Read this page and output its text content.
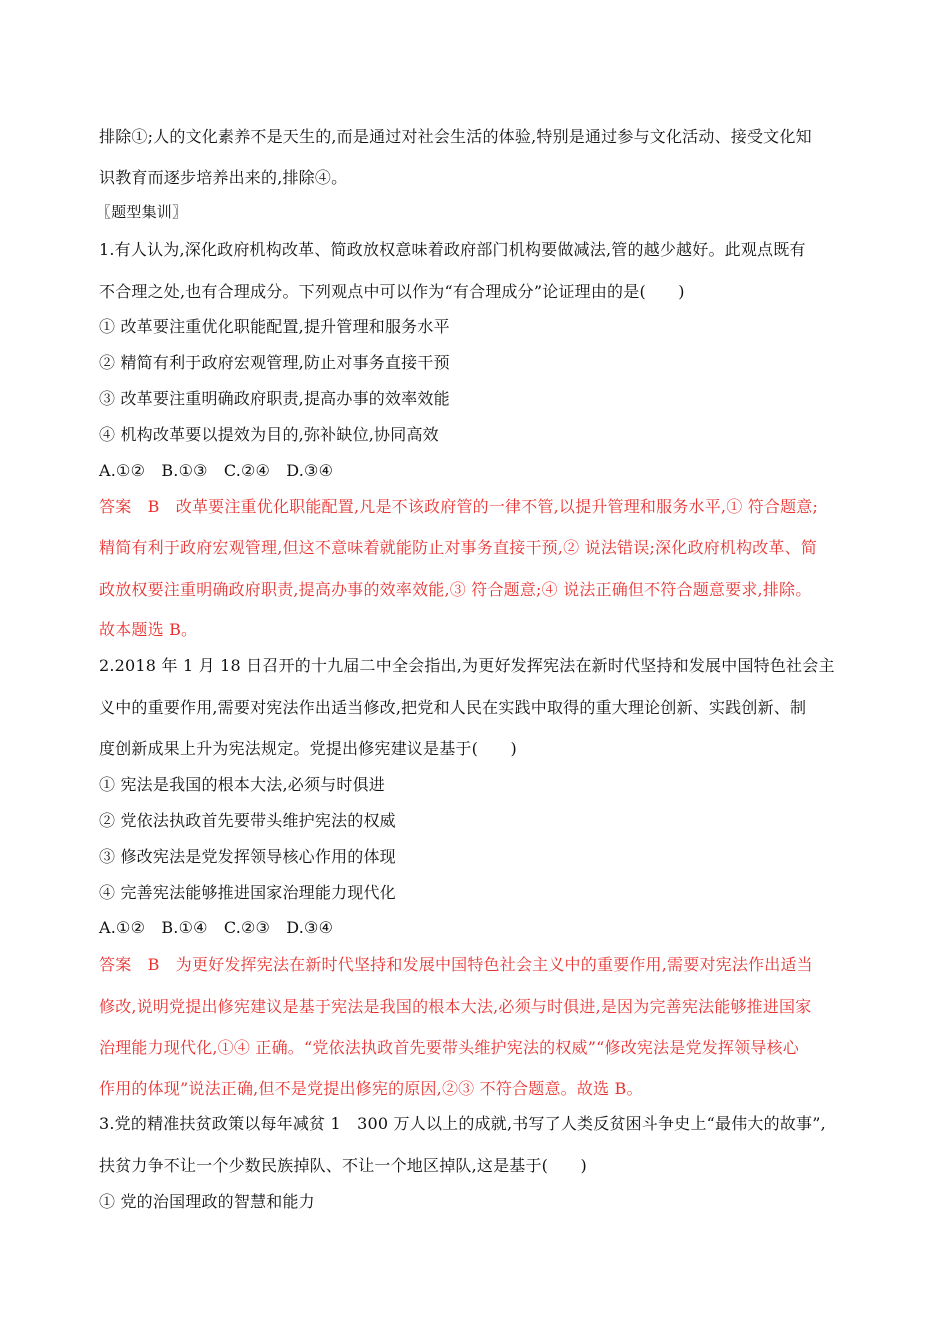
排除①;人的文化素养不是天生的,而是通过对社会生活的体验,特别是通过参与文化活动、接受文化知
识教育而逐步培养出来的,排除④。
〖题型集训〗
1.有人认为,深化政府机构改革、简政放权意味着政府部门机构要做减法,管的越少越好。此观点既有
不合理之处,也有合理成分。下列观点中可以作为“有合理成分”论证理由的是(　　)
① 改革要注重优化职能配置,提升管理和服务水平
② 精简有利于政府宏观管理,防止对事务直接干预
③ 改革要注重明确政府职责,提高办事的效率效能
④ 机构改革要以提效为目的,弥补缺位,协同高效
A.①②　B.①③　C.②④　D.③④
答案　B　改革要注重优化职能配置,凡是不该政府管的一律不管,以提升管理和服务水平,① 符合题意;
精简有利于政府宏观管理,但这不意味着就能防止对事务直接干预,② 说法错误;深化政府机构改革、简
政放权要注重明确政府职责,提高办事的效率效能,③ 符合题意;④ 说法正确但不符合题意要求,排除。
故本题选 B。
2.2018 年 1 月 18 日召开的十九届二中全会指出,为更好发挥宪法在新时代坚持和发展中国特色社会主
义中的重要作用,需要对宪法作出适当修改,把党和人民在实践中取得的重大理论创新、实践创新、制
度创新成果上升为宪法规定。党提出修宪建议是基于(　　)
① 宪法是我国的根本大法,必须与时俱进
② 党依法执政首先要带头维护宪法的权威
③ 修改宪法是党发挥领导核心作用的体现
④ 完善宪法能够推进国家治理能力现代化
A.①②　B.①④　C.②③　D.③④
答案　B　为更好发挥宪法在新时代坚持和发展中国特色社会主义中的重要作用,需要对宪法作出适当
修改,说明党提出修宪建议是基于宪法是我国的根本大法,必须与时俱进,是因为完善宪法能够推进国家
治理能力现代化,①④ 正确。“党依法执政首先要带头维护宪法的权威”“修改宪法是党发挥领导核心
作用的体现”说法正确,但不是党提出修宪的原因,②③ 不符合题意。故选 B。
3.党的精准扶贫政策以每年减贫 1　300 万人以上的成就,书写了人类反贫困斗争史上“最伟大的故事”,
扶贫力争不让一个少数民族掉队、不让一个地区掉队,这是基于(　　)
① 党的治国理政的智慧和能力
